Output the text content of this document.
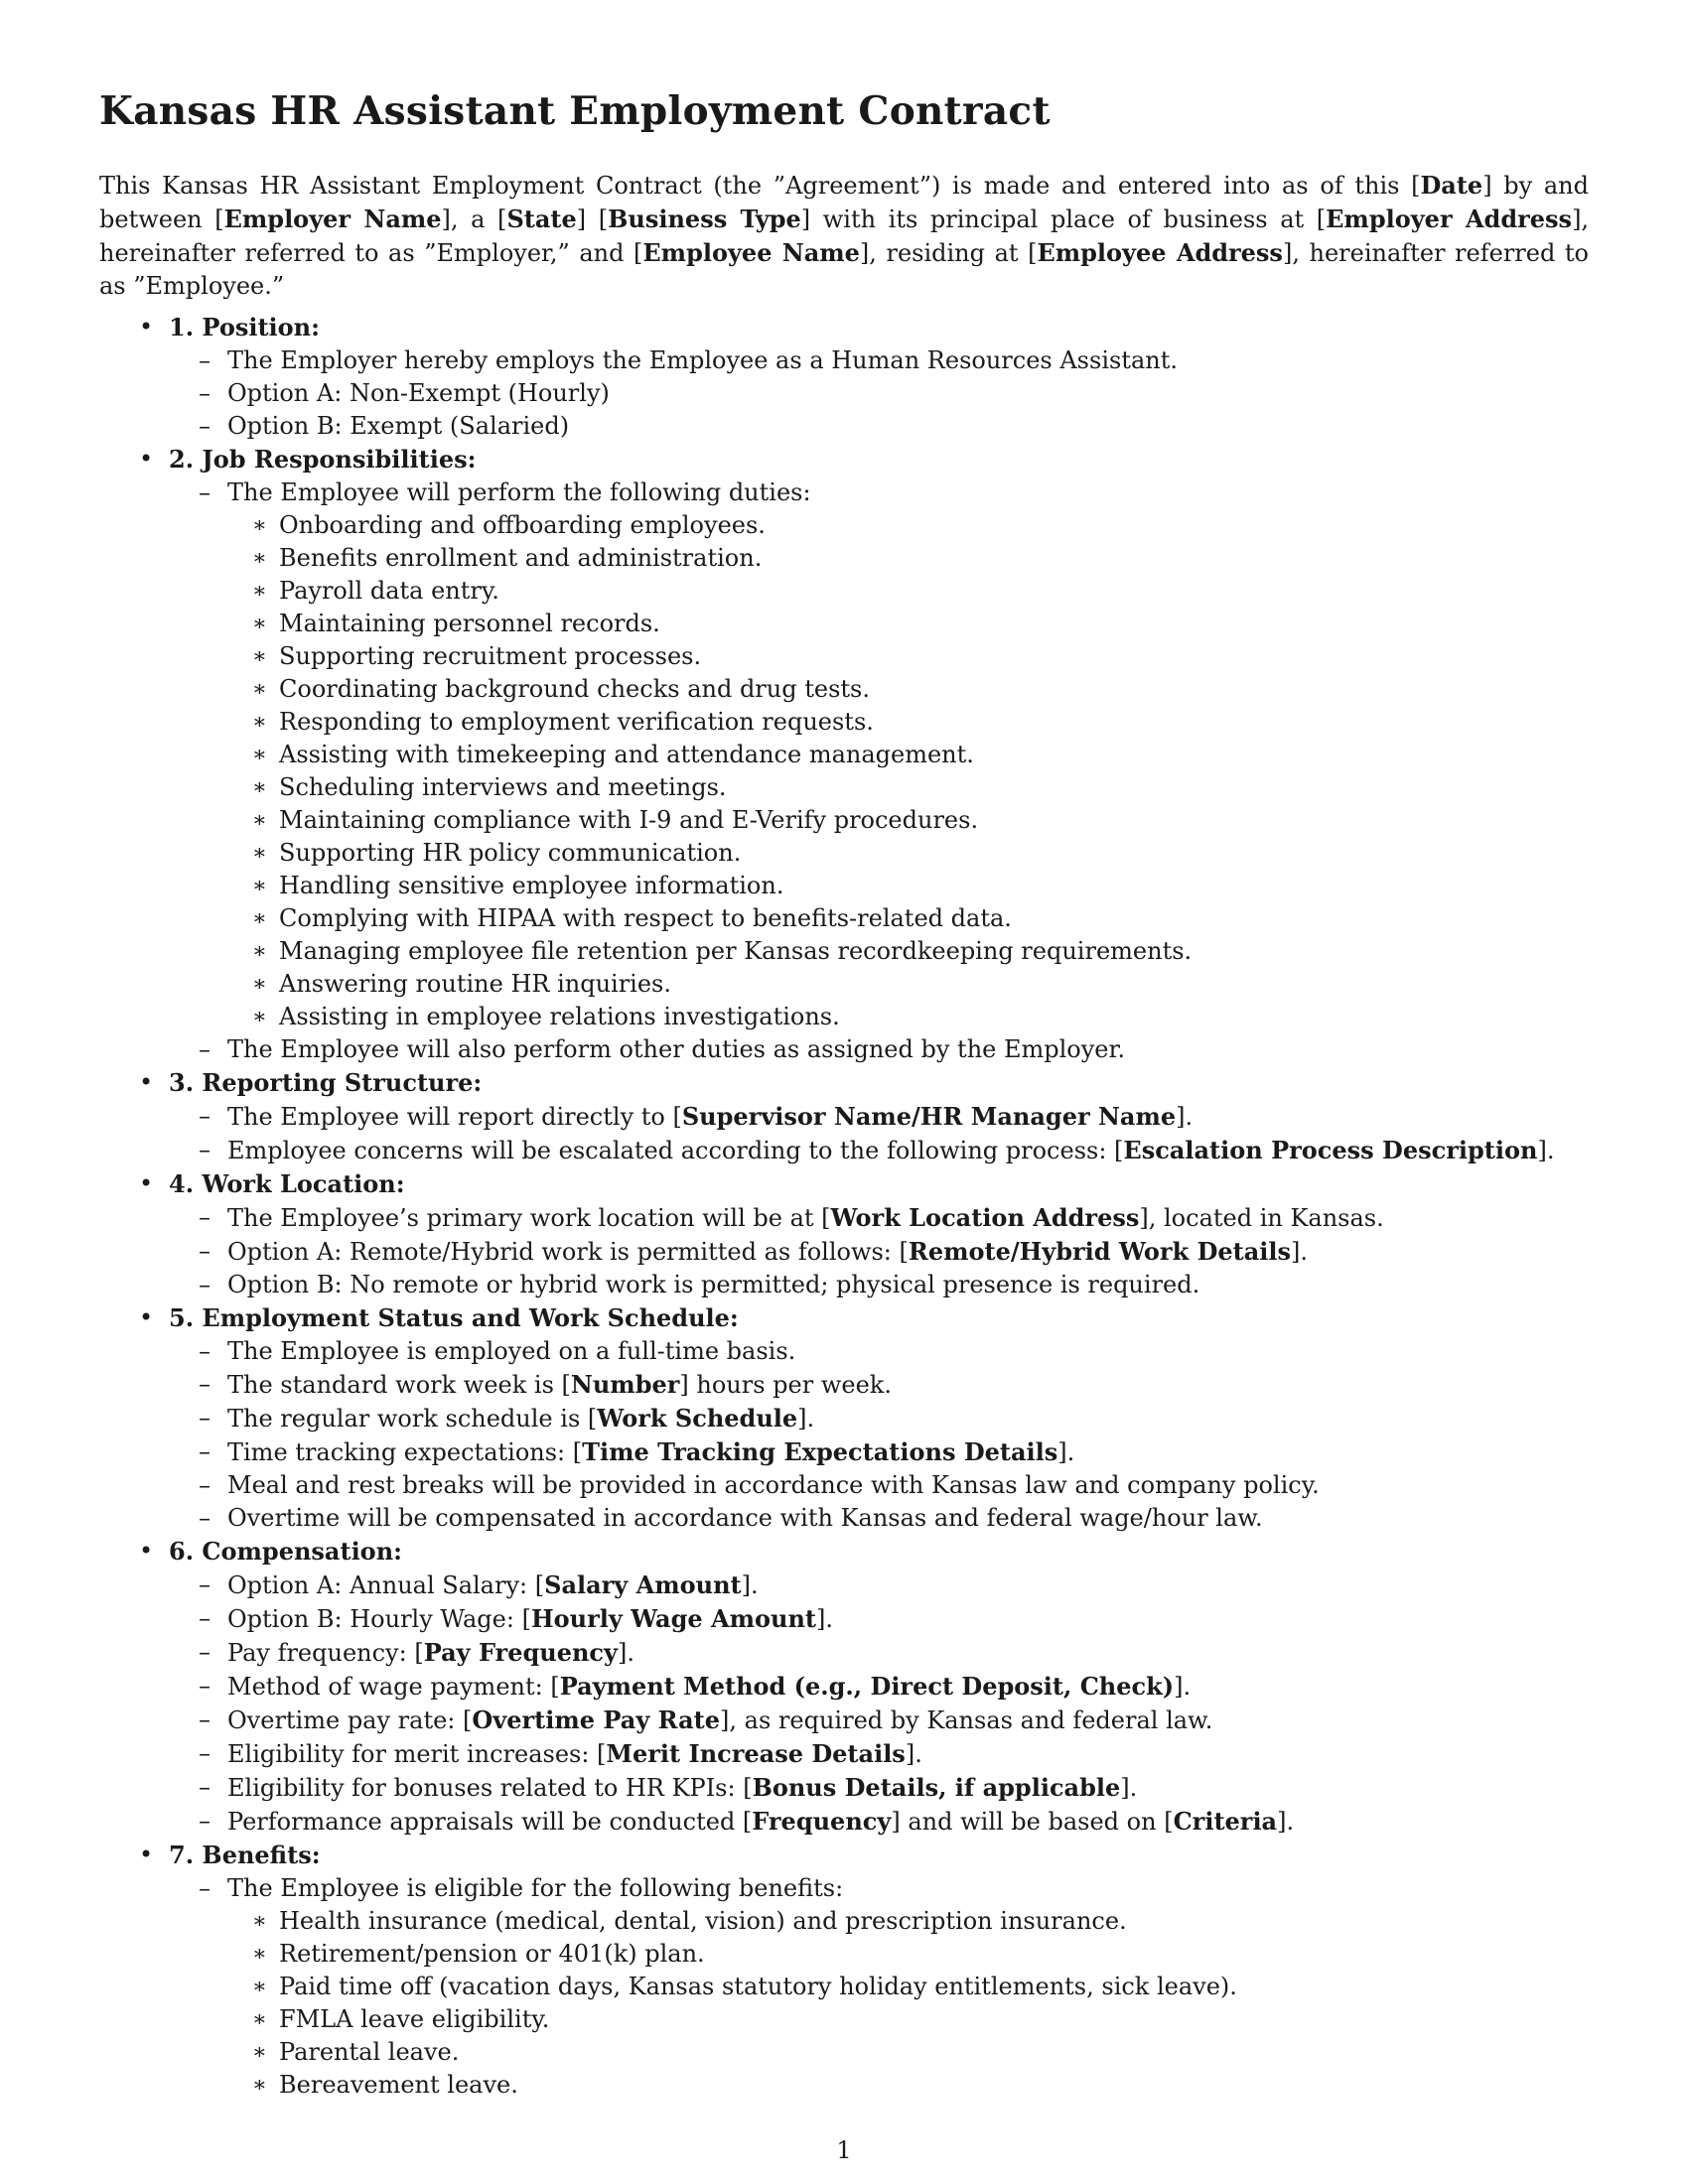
Kansas HR Assistant Employment Contract

This Kansas HR Assistant Employment Contract (the ”Agreement”) is made and entered into as of this [Date] by and between [Employer Name], a [State] [Business Type] with its principal place of business at [Employer Address], hereinafter referred to as ”Employer,” and [Employee Name], residing at [Employee Address], hereinafter referred to as ”Employee.”

• 1. Position:
– The Employer hereby employs the Employee as a Human Resources Assistant.
– Option A: Non-Exempt (Hourly)
– Option B: Exempt (Salaried)
• 2. Job Responsibilities:
– The Employee will perform the following duties:
∗ Onboarding and offboarding employees.
∗ Benefits enrollment and administration.
∗ Payroll data entry.
∗ Maintaining personnel records.
∗ Supporting recruitment processes.
∗ Coordinating background checks and drug tests.
∗ Responding to employment verification requests.
∗ Assisting with timekeeping and attendance management.
∗ Scheduling interviews and meetings.
∗ Maintaining compliance with I-9 and E-Verify procedures.
∗ Supporting HR policy communication.
∗ Handling sensitive employee information.
∗ Complying with HIPAA with respect to benefits-related data.
∗ Managing employee file retention per Kansas recordkeeping requirements.
∗ Answering routine HR inquiries.
∗ Assisting in employee relations investigations.
– The Employee will also perform other duties as assigned by the Employer.
• 3. Reporting Structure:
– The Employee will report directly to [Supervisor Name/HR Manager Name].
– Employee concerns will be escalated according to the following process: [Escalation Process Description].
• 4. Work Location:
– The Employee’s primary work location will be at [Work Location Address], located in Kansas.
– Option A: Remote/Hybrid work is permitted as follows: [Remote/Hybrid Work Details].
– Option B: No remote or hybrid work is permitted; physical presence is required.
• 5. Employment Status and Work Schedule:
– The Employee is employed on a full-time basis.
– The standard work week is [Number] hours per week.
– The regular work schedule is [Work Schedule].
– Time tracking expectations: [Time Tracking Expectations Details].
– Meal and rest breaks will be provided in accordance with Kansas law and company policy.
– Overtime will be compensated in accordance with Kansas and federal wage/hour law.
• 6. Compensation:
– Option A: Annual Salary: [Salary Amount].
– Option B: Hourly Wage: [Hourly Wage Amount].
– Pay frequency: [Pay Frequency].
– Method of wage payment: [Payment Method (e.g., Direct Deposit, Check)].
– Overtime pay rate: [Overtime Pay Rate], as required by Kansas and federal law.
– Eligibility for merit increases: [Merit Increase Details].
– Eligibility for bonuses related to HR KPIs: [Bonus Details, if applicable].
– Performance appraisals will be conducted [Frequency] and will be based on [Criteria].
• 7. Benefits:
– The Employee is eligible for the following benefits:
∗ Health insurance (medical, dental, vision) and prescription insurance.
∗ Retirement/pension or 401(k) plan.
∗ Paid time off (vacation days, Kansas statutory holiday entitlements, sick leave).
∗ FMLA leave eligibility.
∗ Parental leave.
∗ Bereavement leave.
1
